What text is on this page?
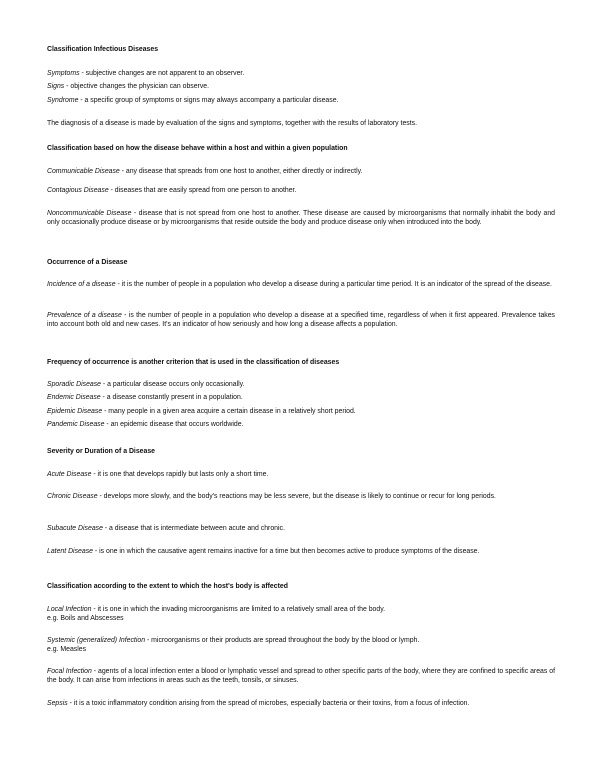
Classification Infectious Diseases

Symptoms - subjective changes are not apparent to an observer.

Signs - objective changes the physician can observe.

Syndrome - a specific group of symptoms or signs may always accompany a particular disease.

The diagnosis of a disease is made by evaluation of the signs and symptoms, together with the results of laboratory tests.

Classification based on how the disease behave within a host and within a given population

Communicable Disease - any disease that spreads from one host to another, either directly or indirectly.

Contagious Disease - diseases that are easily spread from one person to another.

Noncommunicable Disease - disease that is not spread from one host to another. These disease are caused by microorganisms that normally inhabit the body and only occasionally produce disease or by microorganisms that reside outside the body and produce disease only when introduced into the body.

Occurrence of a Disease

Incidence of a disease - it is the number of people in a population who develop a disease during a particular time period. It is an indicator of the spread of the disease.

Prevalence of a disease - is the number of people in a population who develop a disease at a specified time, regardless of when it first appeared. Prevalence takes into account both old and new cases. It's an indicator of how seriously and how long a disease affects a population.

Frequency of occurrence is another criterion that is used in the classification of diseases

Sporadic Disease - a particular disease occurs only occasionally.

Endemic Disease - a disease constantly present in a population.

Epidemic Disease - many people in a given area acquire a certain disease in a relatively short period.

Pandemic Disease - an epidemic disease that occurs worldwide.

Severity or Duration of a Disease

Acute Disease - it is one that develops rapidly but lasts only a short time.

Chronic Disease - develops more slowly, and the body's reactions may be less severe, but the disease is likely to continue or recur for long periods.

Subacute Disease - a disease that is intermediate between acute and chronic.

Latent Disease - is one in which the causative agent remains inactive for a time but then becomes active to produce symptoms of the disease.

Classification according to the extent to which the host's body is affected

Local Infection - it is one in which the invading microorganisms are limited to a relatively small area of the body.
e.g. Boils and Abscesses
Systemic (generalized) Infection - microorganisms or their products are spread throughout the body by the blood or lymph.
e.g. Measles

Focal Infection - agents of a local infection enter a blood or lymphatic vessel and spread to other specific parts of the body, where they are confined to specific areas of the body. It can arise from infections in areas such as the teeth, tonsils, or sinuses.

Sepsis - it is a toxic inflammatory condition arising from the spread of microbes, especially bacteria or their toxins, from a focus of infection.
